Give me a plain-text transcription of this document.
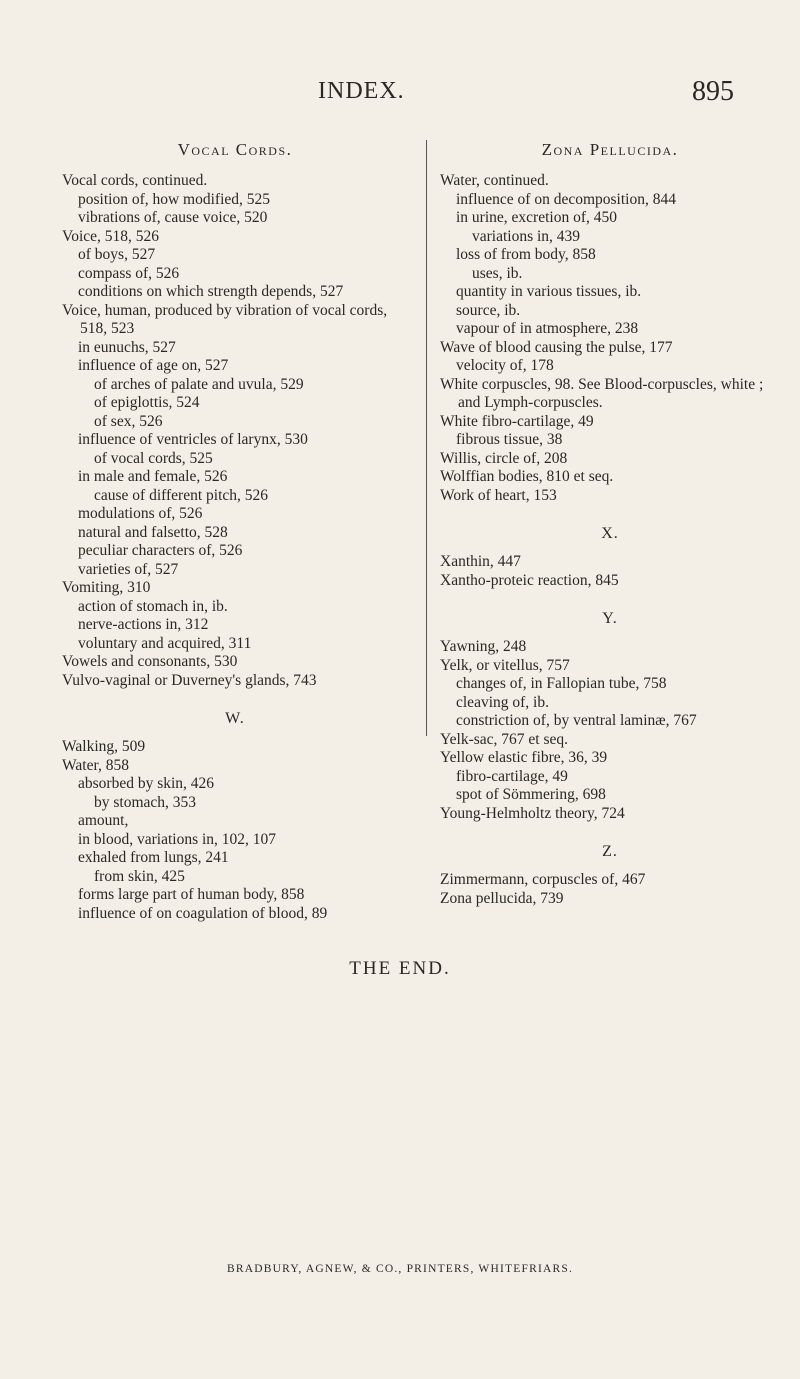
INDEX.	895
Vocal Cords.
Vocal cords, continued.
position of, how modified, 525
vibrations of, cause voice, 520
Voice, 518, 526
of boys, 527
compass of, 526
conditions on which strength depends, 527
Voice, human, produced by vibration of vocal cords, 518, 523
in eunuchs, 527
influence of age on, 527
of arches of palate and uvula, 529
of epiglottis, 524
of sex, 526
influence of ventricles of larynx, 530
of vocal cords, 525
in male and female, 526
cause of different pitch, 526
modulations of, 526
natural and falsetto, 528
peculiar characters of, 526
varieties of, 527
Vomiting, 310
action of stomach in, ib.
nerve-actions in, 312
voluntary and acquired, 311
Vowels and consonants, 530
Vulvo-vaginal or Duverney's glands, 743
W.
Walking, 509
Water, 858
absorbed by skin, 426
by stomach, 353
amount,
in blood, variations in, 102, 107
exhaled from lungs, 241
from skin, 425
forms large part of human body, 858
influence of on coagulation of blood, 89
Zona Pellucida.
Water, continued.
influence of on decomposition, 844
in urine, excretion of, 450
variations in, 439
loss of from body, 858
uses, ib.
quantity in various tissues, ib.
source, ib.
vapour of in atmosphere, 238
Wave of blood causing the pulse, 177
velocity of, 178
White corpuscles, 98. See Blood-corpuscles, white ; and Lymph-corpuscles.
White fibro-cartilage, 49
fibrous tissue, 38
Willis, circle of, 208
Wolffian bodies, 810 et seq.
Work of heart, 153
X.
Xanthin, 447
Xantho-proteic reaction, 845
Y.
Yawning, 248
Yelk, or vitellus, 757
changes of, in Fallopian tube, 758
cleaving of, ib.
constriction of, by ventral laminæ, 767
Yelk-sac, 767 et seq.
Yellow elastic fibre, 36, 39
fibro-cartilage, 49
spot of Sömmering, 698
Young-Helmholtz theory, 724
Z.
Zimmermann, corpuscles of, 467
Zona pellucida, 739
THE END.
BRADBURY, AGNEW, & CO., PRINTERS, WHITEFRIARS.
